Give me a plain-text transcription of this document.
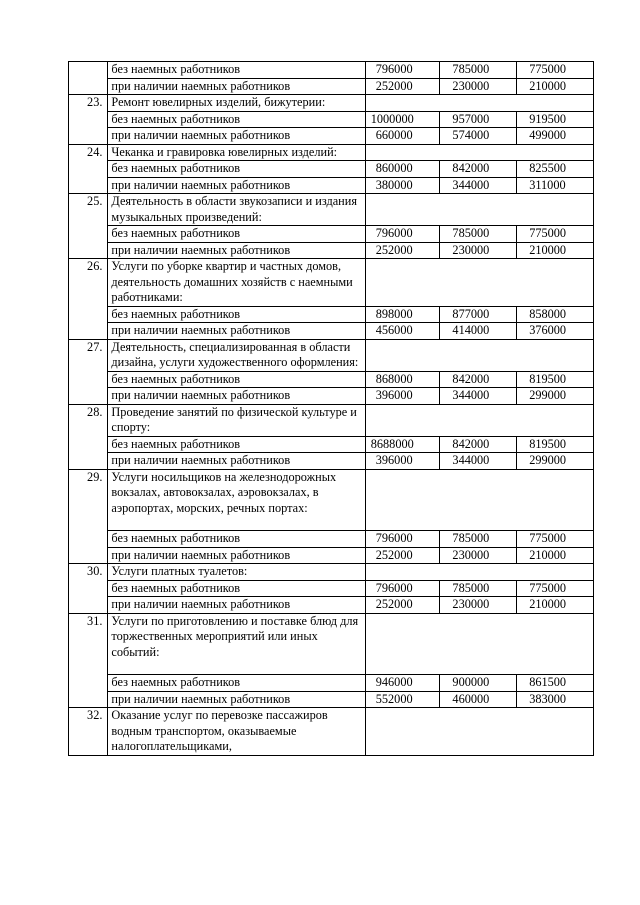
	без наемных работников	796000	785000	775000
	при наличии наемных работников	252000	230000	210000
23.	Ремонт ювелирных изделий, бижутерии:			
	без наемных работников	1000000	957000	919500
	при наличии наемных работников	660000	574000	499000
24.	Чеканка и гравировка ювелирных изделий:			
	без наемных работников	860000	842000	825500
	при наличии наемных работников	380000	344000	311000
25.	Деятельность в области звукозаписи и издания музыкальных произведений:			
	без наемных работников	796000	785000	775000
	при наличии наемных работников	252000	230000	210000
26.	Услуги по уборке квартир и частных домов, деятельность домашних хозяйств с наемными работниками:			
	без наемных работников	898000	877000	858000
	при наличии наемных работников	456000	414000	376000
27.	Деятельность, специализированная в области дизайна, услуги художественного оформления:			
	без наемных работников	868000	842000	819500
	при наличии наемных работников	396000	344000	299000
28.	Проведение занятий по физической культуре и спорту:			
	без наемных работников	8688000	842000	819500
	при наличии наемных работников	396000	344000	299000
29.	Услуги носильщиков на железнодорожных вокзалах, автовокзалах, аэровокзалах, в аэропортах, морских, речных портах:			
	без наемных работников	796000	785000	775000
	при наличии наемных работников	252000	230000	210000
30.	Услуги платных туалетов:			
	без наемных работников	796000	785000	775000
	при наличии наемных работников	252000	230000	210000
31.	Услуги по приготовлению и поставке блюд для торжественных мероприятий или иных событий:			
	без наемных работников	946000	900000	861500
	при наличии наемных работников	552000	460000	383000
32.	Оказание услуг по перевозке пассажиров водным транспортом, оказываемые налогоплательщиками,			
